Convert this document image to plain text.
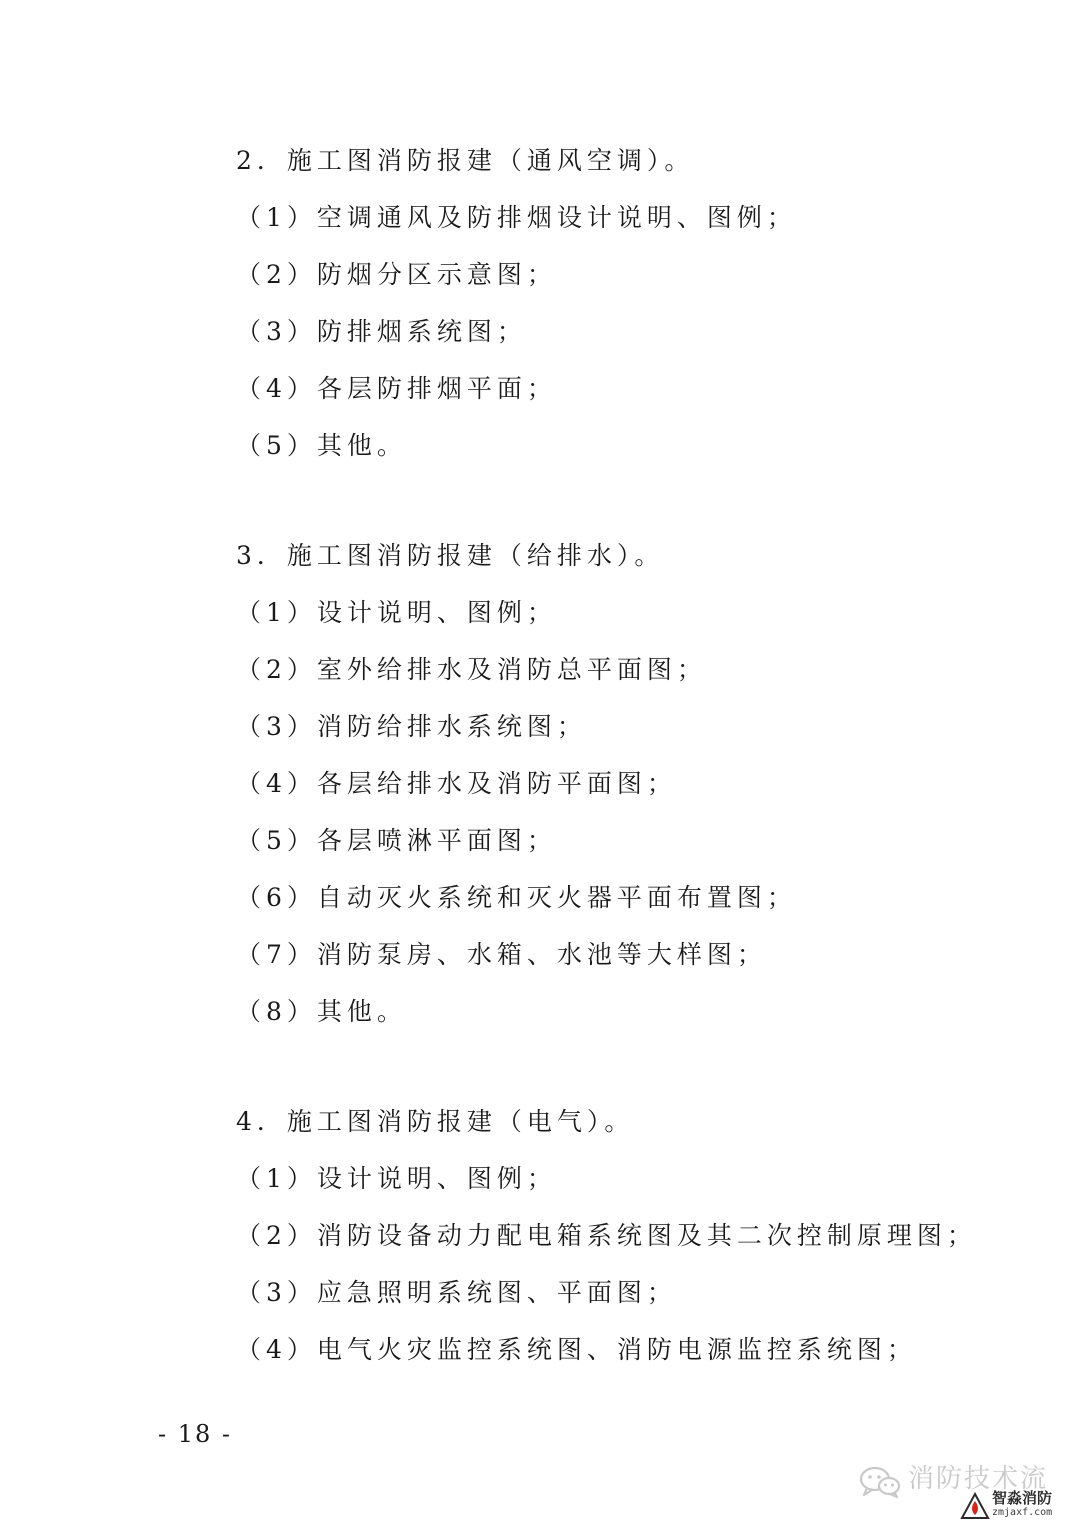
2．施工图消防报建（通风空调）。
（1）空调通风及防排烟设计说明、图例；
（2）防烟分区示意图；
（3）防排烟系统图；
（4）各层防排烟平面；
（5）其他。
3．施工图消防报建（给排水）。
（1）设计说明、图例；
（2）室外给排水及消防总平面图；
（3）消防给排水系统图；
（4）各层给排水及消防平面图；
（5）各层喷淋平面图；
（6）自动灭火系统和灭火器平面布置图；
（7）消防泵房、水箱、水池等大样图；
（8）其他。
4．施工图消防报建（电气）。
（1）设计说明、图例；
（2）消防设备动力配电箱系统图及其二次控制原理图；
（3）应急照明系统图、平面图；
（4）电气火灾监控系统图、消防电源监控系统图；
- 18 -
消防技术流
智淼消防
zmjaxf.com
